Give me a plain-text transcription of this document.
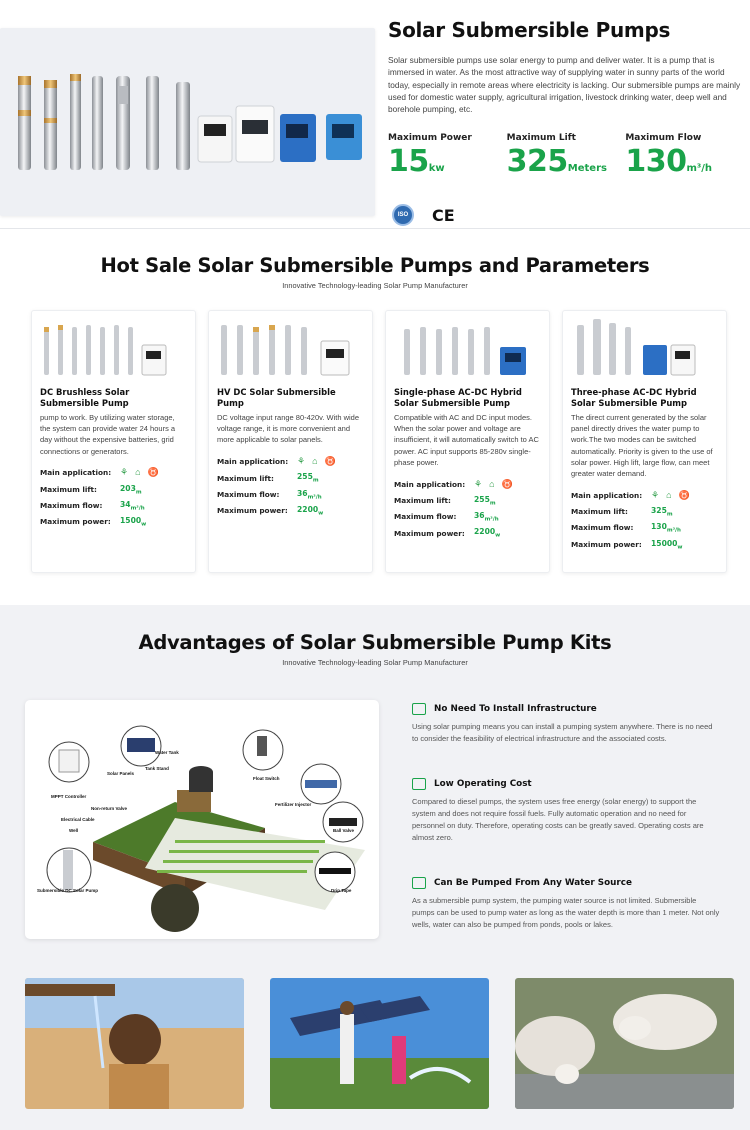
Solar Submersible Pumps

Solar submersible pumps use solar energy to pump and deliver water. It is a pump that is immersed in water. As the most attractive way of supplying water in sunny parts of the world today, especially in remote areas where electricity is lacking. Our submersible pumps are mainly used for domestic water supply, agricultural irrigation, livestock drinking water, deep well and borehole pumping, etc.

Maximum Power
15kw
Maximum Lift
325Meters
Maximum Flow
130m³/h
ISO	CE
Hot Sale Solar Submersible Pumps and Parameters
Innovative Technology-leading Solar Pump Manufacturer
DC Brushless Solar Submersible Pump
pump to work. By utilizing water storage, the system can provide water 24 hours a day without the expensive batteries, grid connections or generators.
Main application: ⚘ ⌂ ♉
Maximum lift:	$203_m$
Maximum flow:	$34_{m^3/h}$
Maximum power:	$1500_w$
HV DC Solar Submersible Pump
DC voltage input range 80-420v. With wide voltage range, it is more convenient and more applicable to solar panels.
Main application: ⚘ ⌂ ♉
Maximum lift:	$255_m$
Maximum flow:	$36_{m^3/h}$
Maximum power:	$2200_w$
Single-phase AC-DC Hybrid Solar Submersible Pump
Compatible with AC and DC input modes. When the solar power and voltage are insufficient, it will automatically switch to AC power. AC input supports 85-280v single-phase power.
Main application: ⚘ ⌂ ♉
Maximum lift:	$255_m$
Maximum flow:	$36_{m^3/h}$
Maximum power:	$2200_w$
Three-phase AC-DC Hybrid Solar Submersible Pump
The direct current generated by the solar panel directly drives the water pump to work.The two modes can be switched automatically. Priority is given to the use of solar power. High lift, large flow, can meet greater water demand.
Main application: ⚘ ⌂ ♉
Maximum lift:	$325_m$
Maximum flow:	$130_{m^3/h}$
Maximum power:	$15000_w$
Advantages of Solar Submersible Pump Kits
Innovative Technology-leading Solar Pump Manufacturer
Water Tank
Solar Panels
Tank Stand
MPPT Controller
Non-return Valve
Electrical Cable
Well
Submersible DC Solar Pump
Float Switch
Fertilizer Injector
Ball Valve
Drip Tape
No Need To Install Infrastructure
Using solar pumping means you can install a pumping system anywhere. There is no need to consider the feasibility of electrical infrastructure and the associated costs.
Low Operating Cost
Compared to diesel pumps, the system uses free energy (solar energy) to support the system and does not require fossil fuels. Fully automatic operation and no need for personnel on duty. Therefore, operating costs can be greatly saved. Operating costs are almost zero.
Can Be Pumped From Any Water Source
As a submersible pump system, the pumping water source is not limited. Submersible pumps can be used to pump water as long as the water depth is more than 1 meter. Not only wells, water can also be pumped from ponds, pools or lakes.
